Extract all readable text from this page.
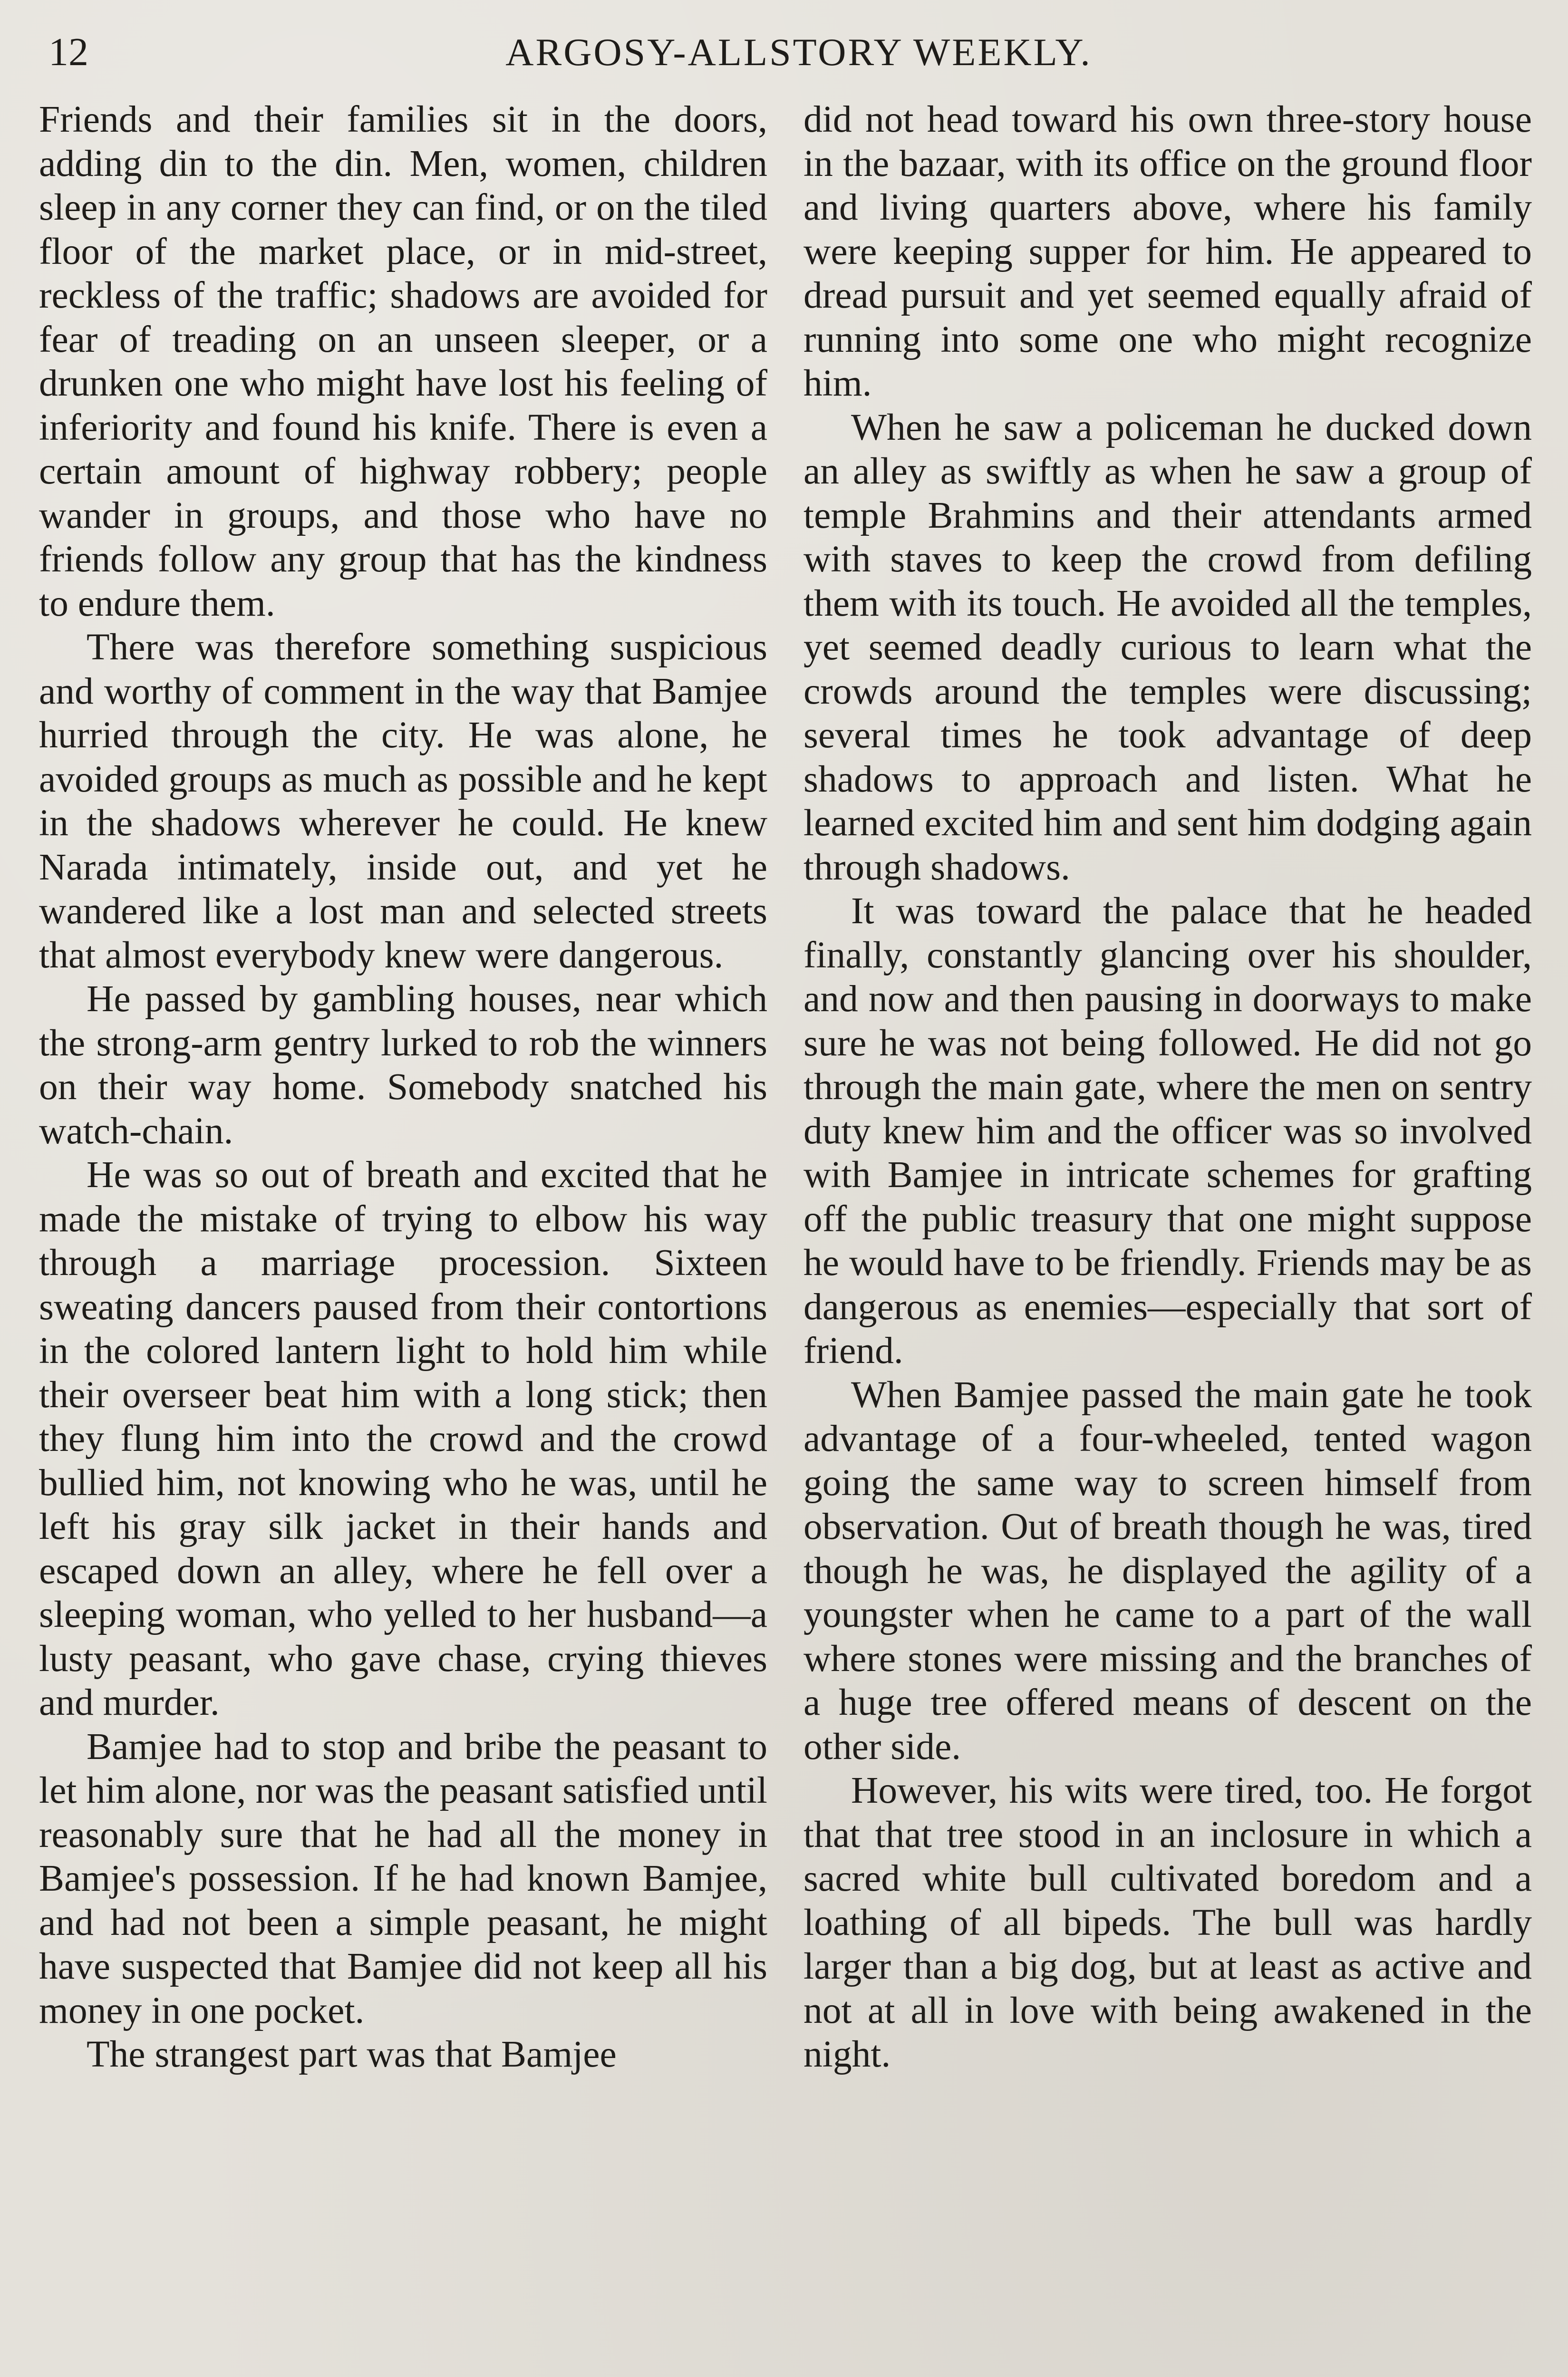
12	ARGOSY-ALLSTORY WEEKLY.

Friends and their families sit in the doors, adding din to the din. Men, women, children sleep in any corner they can find, or on the tiled floor of the market place, or in mid-street, reckless of the traffic; shadows are avoided for fear of treading on an unseen sleeper, or a drunken one who might have lost his feeling of inferiority and found his knife. There is even a certain amount of highway robbery; people wander in groups, and those who have no friends follow any group that has the kindness to endure them.

There was therefore something suspicious and worthy of comment in the way that Bamjee hurried through the city. He was alone, he avoided groups as much as possible and he kept in the shadows wherever he could. He knew Narada intimately, inside out, and yet he wandered like a lost man and selected streets that almost everybody knew were dangerous.

He passed by gambling houses, near which the strong-arm gentry lurked to rob the winners on their way home. Somebody snatched his watch-chain.

He was so out of breath and excited that he made the mistake of trying to elbow his way through a marriage procession. Sixteen sweating dancers paused from their contortions in the colored lantern light to hold him while their overseer beat him with a long stick; then they flung him into the crowd and the crowd bullied him, not knowing who he was, until he left his gray silk jacket in their hands and escaped down an alley, where he fell over a sleeping woman, who yelled to her husband—a lusty peasant, who gave chase, crying thieves and murder.

Bamjee had to stop and bribe the peasant to let him alone, nor was the peasant satisfied until reasonably sure that he had all the money in Bamjee's possession. If he had known Bamjee, and had not been a simple peasant, he might have suspected that Bamjee did not keep all his money in one pocket.

The strangest part was that Bamjee

did not head toward his own three-story house in the bazaar, with its office on the ground floor and living quarters above, where his family were keeping supper for him. He appeared to dread pursuit and yet seemed equally afraid of running into some one who might recognize him.

When he saw a policeman he ducked down an alley as swiftly as when he saw a group of temple Brahmins and their attendants armed with staves to keep the crowd from defiling them with its touch. He avoided all the temples, yet seemed deadly curious to learn what the crowds around the temples were discussing; several times he took advantage of deep shadows to approach and listen. What he learned excited him and sent him dodging again through shadows.

It was toward the palace that he headed finally, constantly glancing over his shoulder, and now and then pausing in doorways to make sure he was not being followed. He did not go through the main gate, where the men on sentry duty knew him and the officer was so involved with Bamjee in intricate schemes for grafting off the public treasury that one might suppose he would have to be friendly. Friends may be as dangerous as enemies—especially that sort of friend.

When Bamjee passed the main gate he took advantage of a four-wheeled, tented wagon going the same way to screen himself from observation. Out of breath though he was, tired though he was, he displayed the agility of a youngster when he came to a part of the wall where stones were missing and the branches of a huge tree offered means of descent on the other side.

However, his wits were tired, too. He forgot that that tree stood in an inclosure in which a sacred white bull cultivated boredom and a loathing of all bipeds. The bull was hardly larger than a big dog, but at least as active and not at all in love with being awakened in the night.
